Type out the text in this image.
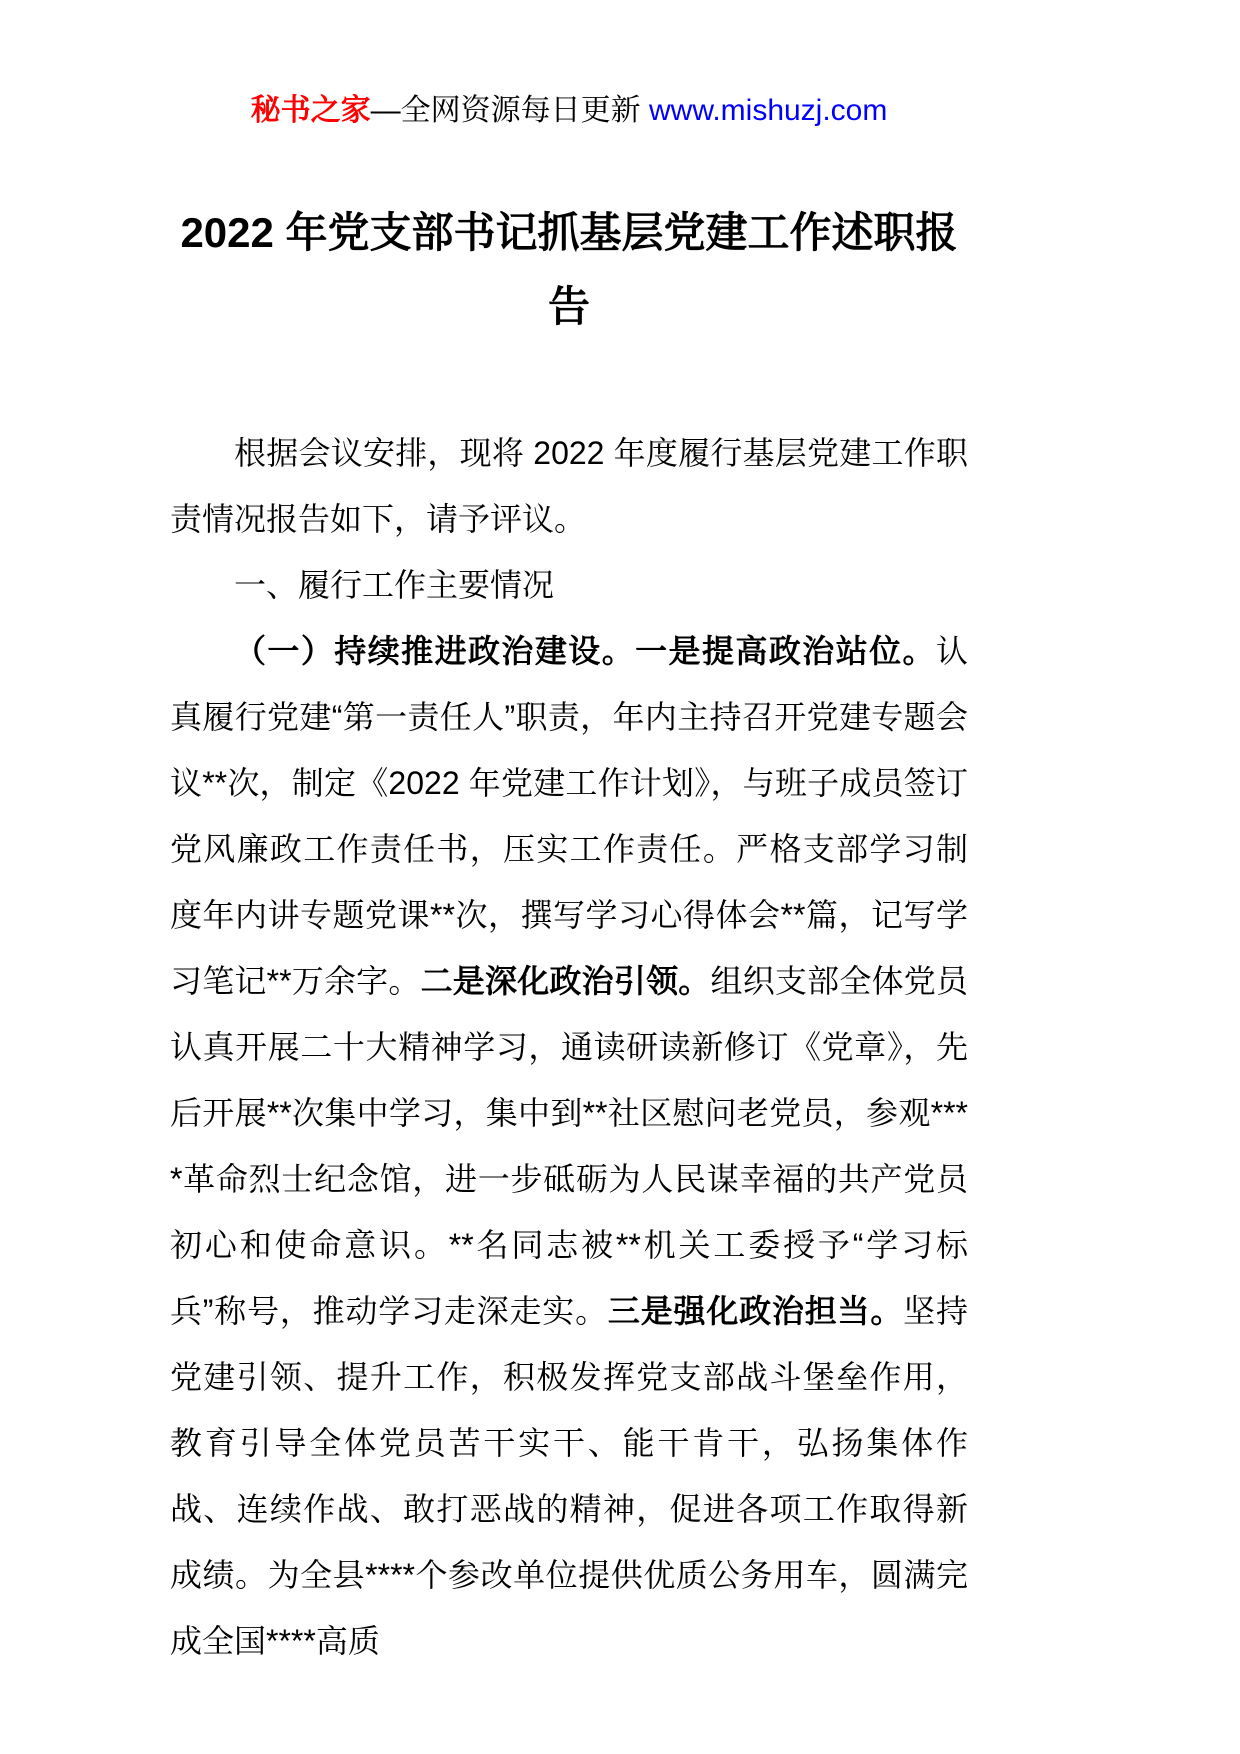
秘书之家—全网资源每日更新 www.mishuzj.com
2022 年党支部书记抓基层党建工作述职报告

根据会议安排，现将 2022 年度履行基层党建工作职责情况报告如下，请予评议。

一、履行工作主要情况

（一）持续推进政治建设。一是提高政治站位。认真履行党建“第一责任人”职责，年内主持召开党建专题会议**次，制定《2022 年党建工作计划》，与班子成员签订党风廉政工作责任书，压实工作责任。严格支部学习制度年内讲专题党课**次，撰写学习心得体会**篇，记写学习笔记**万余字。二是深化政治引领。组织支部全体党员认真开展二十大精神学习，通读研读新修订《党章》，先后开展**次集中学习，集中到**社区慰问老党员，参观****革命烈士纪念馆，进一步砥砺为人民谋幸福的共产党员初心和使命意识。**名同志被**机关工委授予“学习标兵”称号，推动学习走深走实。三是强化政治担当。坚持党建引领、提升工作，积极发挥党支部战斗堡垒作用，教育引导全体党员苦干实干、能干肯干，弘扬集体作战、连续作战、敢打恶战的精神，促进各项工作取得新成绩。为全县****个参改单位提供优质公务用车，圆满完成全国****高质
